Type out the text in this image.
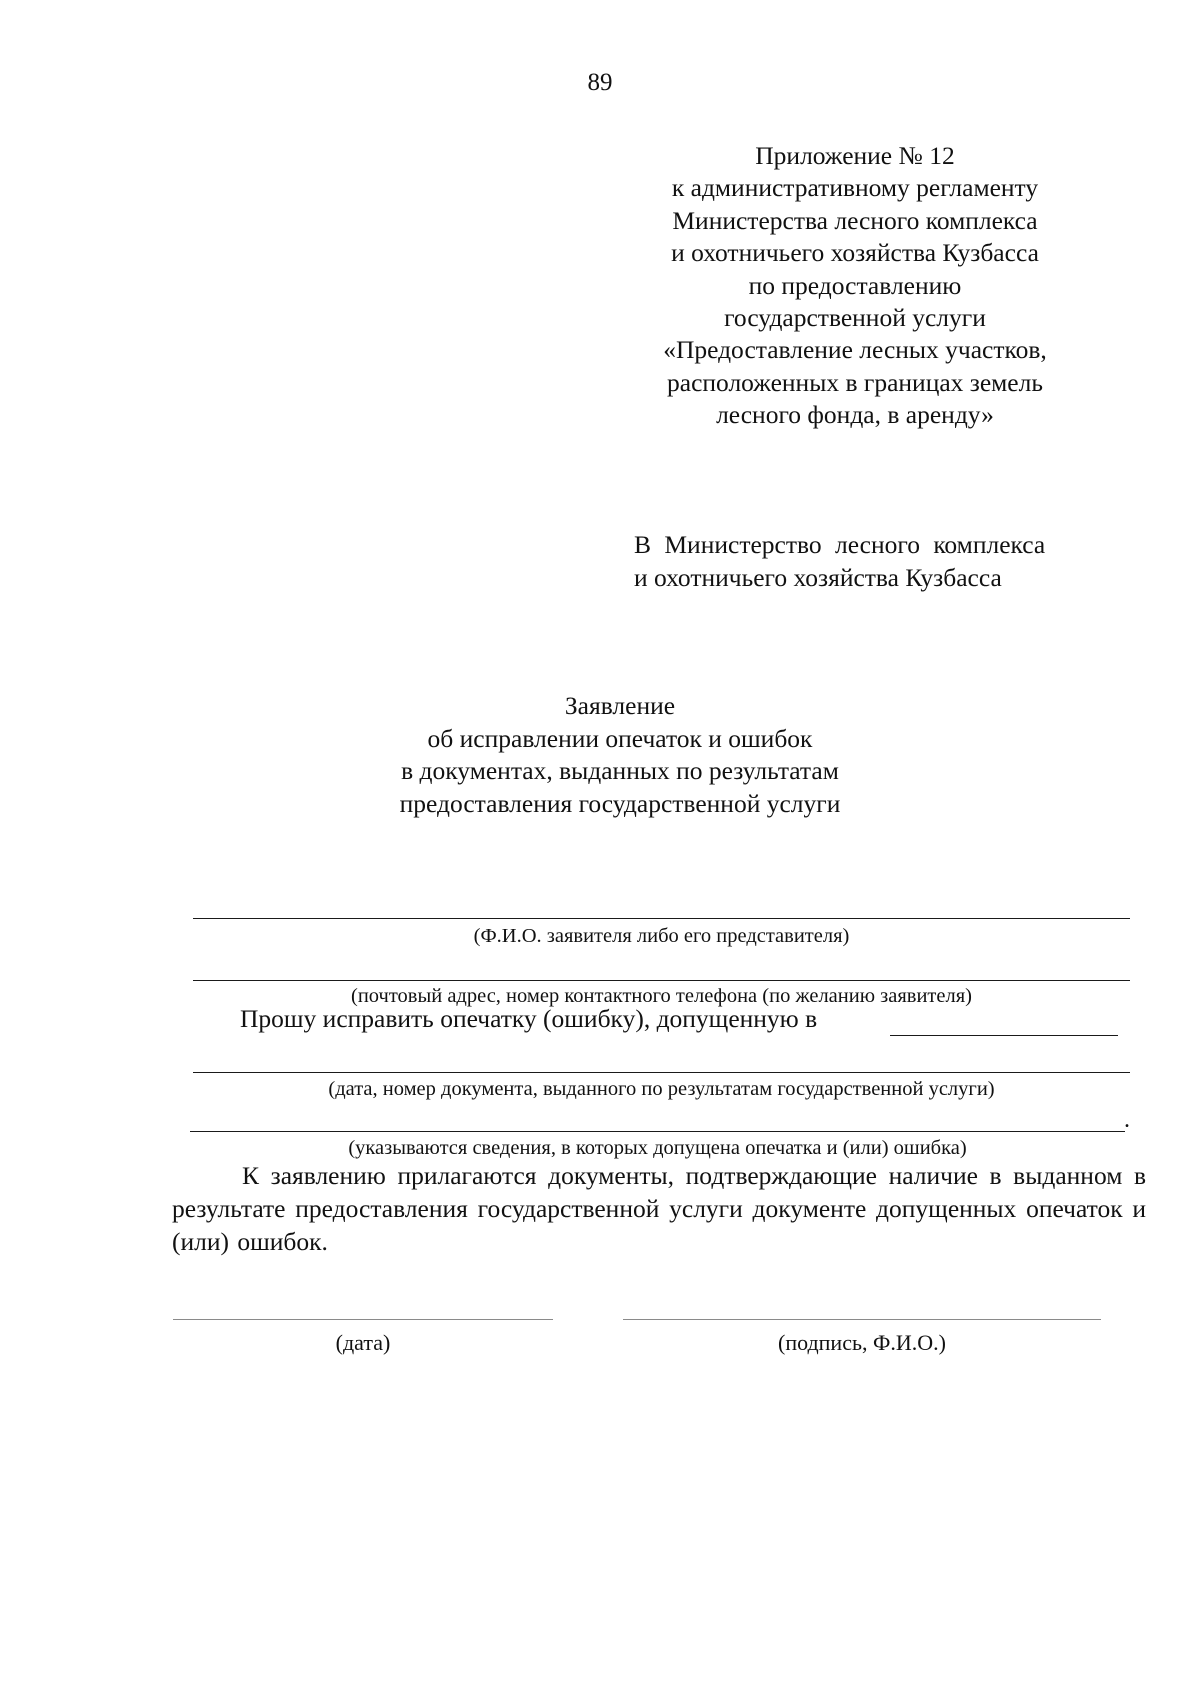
89
Приложение № 12
к административному регламенту
Министерства лесного комплекса
и охотничьего хозяйства Кузбасса
по предоставлению
государственной услуги
«Предоставление лесных участков,
расположенных в границах земель
лесного фонда, в аренду»
В Министерство лесного комплекса
и охотничьего хозяйства Кузбасса
Заявление
об исправлении опечаток и ошибок
в документах, выданных по результатам
предоставления государственной услуги
(Ф.И.О. заявителя либо его представителя)
(почтовый адрес, номер контактного телефона (по желанию заявителя)
Прошу исправить опечатку (ошибку), допущенную в
(дата, номер документа, выданного по результатам государственной услуги)
.
(указываются сведения, в которых допущена опечатка и (или) ошибка)
К заявлению прилагаются документы, подтверждающие наличие в выданном в результате предоставления государственной услуги документе допущенных опечаток и (или) ошибок.
(дата)	(подпись, Ф.И.О.)
